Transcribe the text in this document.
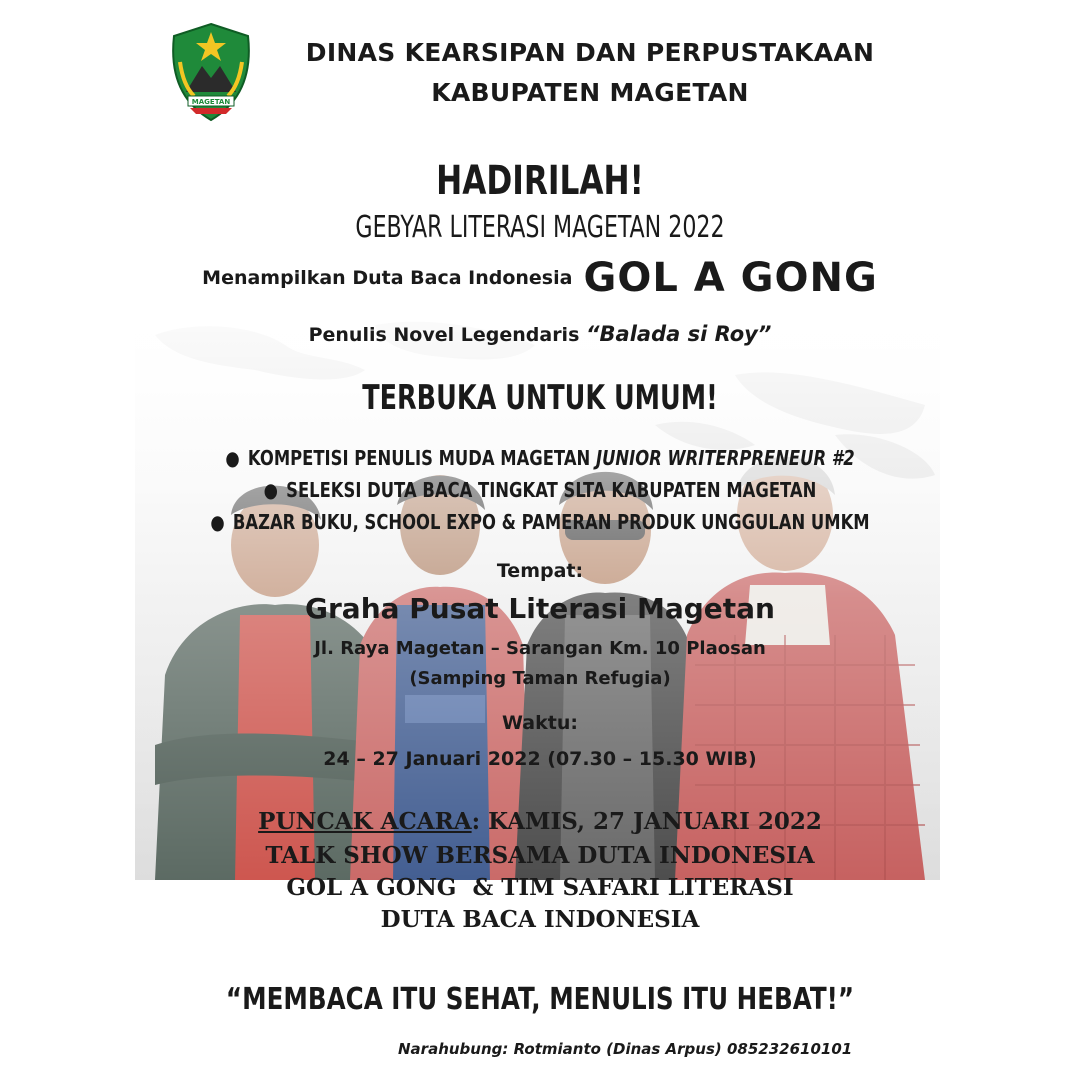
MAGETAN
DINAS KEARSIPAN DAN PERPUSTAKAAN
KABUPATEN MAGETAN
HADIRILAH!
GEBYAR LITERASI MAGETAN 2022
Menampilkan Duta Baca Indonesia GOL A GONG
Penulis Novel Legendaris “Balada si Roy”
TERBUKA UNTUK UMUM!
● KOMPETISI PENULIS MUDA MAGETAN JUNIOR WRITERPRENEUR #2
● SELEKSI DUTA BACA TINGKAT SLTA KABUPATEN MAGETAN
● BAZAR BUKU, SCHOOL EXPO & PAMERAN PRODUK UNGGULAN UMKM
Tempat:
Graha Pusat Literasi Magetan
Jl. Raya Magetan – Sarangan Km. 10 Plaosan
(Samping Taman Refugia)
Waktu:
24 – 27 Januari 2022 (07.30 – 15.30 WIB)
PUNCAK ACARA: KAMIS, 27 JANUARI 2022
TALK SHOW BERSAMA DUTA INDONESIA
GOL A GONG  & TIM SAFARI LITERASI
DUTA BACA INDONESIA
“MEMBACA ITU SEHAT, MENULIS ITU HEBAT!”
Narahubung: Rotmianto (Dinas Arpus) 085232610101
